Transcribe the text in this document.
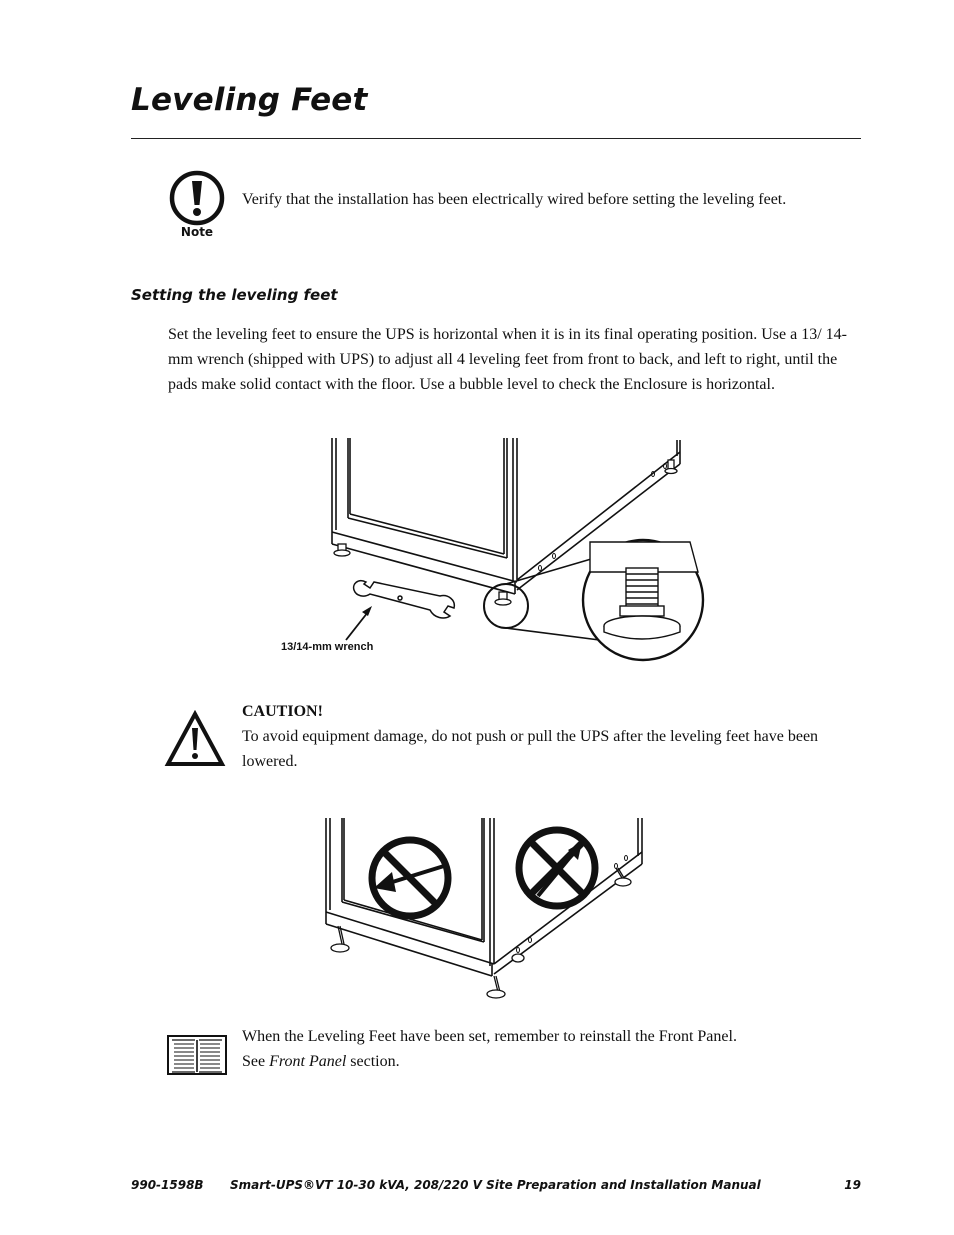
Leveling Feet
Note
Verify that the installation has been electrically wired before setting the leveling feet.
Setting the leveling feet
Set the leveling feet to ensure the UPS is horizontal when it is in its final operating position. Use a 13/ 14-mm wrench (shipped with UPS) to adjust all 4 leveling feet from front to back, and left to right, until the pads make solid contact with the floor. Use a bubble level to check the Enclosure is horizontal.
13/14-mm wrench
CAUTION!
To avoid equipment damage, do not push or pull the UPS after the leveling feet have been lowered.
When the Leveling Feet have been set, remember to reinstall the Front Panel.
See Front Panel section.
990-1598B Smart-UPS®VT 10-30 kVA, 208/220 V Site Preparation and Installation Manual	19
